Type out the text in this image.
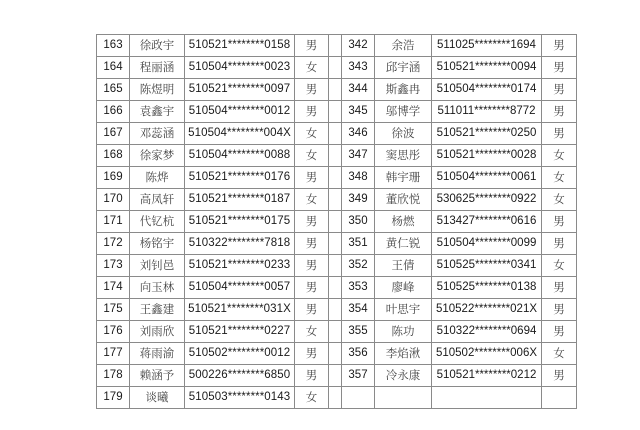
163	徐政宇	510521********0158	男		342	余浩	511025********1694	男
164	程丽涵	510504********0023	女		343	邱宇涵	510521********0094	男
165	陈煜明	510521********0097	男		344	斯鑫冉	510504********0174	男
166	袁鑫宇	510504********0012	男		345	邬博学	511011********8772	男
167	邓蕊涵	510504********004X	女		346	徐波	510521********0250	男
168	徐家梦	510504********0088	女		347	窦思彤	510521********0028	女
169	陈烨	510521********0176	男		348	韩宇珊	510504********0061	女
170	高凤轩	510521********0187	女		349	董欣悦	530625********0922	女
171	代钇杭	510521********0175	男		350	杨燃	513427********0616	男
172	杨铭宇	510322********7818	男		351	黄仁锐	510504********0099	男
173	刘钊邑	510521********0233	男		352	王倩	510525********0341	女
174	向玉林	510504********0057	男		353	廖峰	510525********0138	男
175	王鑫建	510521********031X	男		354	叶思宇	510522********021X	男
176	刘雨欣	510521********0227	女		355	陈功	510322********0694	男
177	蒋雨渝	510502********0012	男		356	李焰湫	510502********006X	女
178	赖涵予	500226********6850	男		357	冷永康	510521********0212	男
179	谈曦	510503********0143	女					
